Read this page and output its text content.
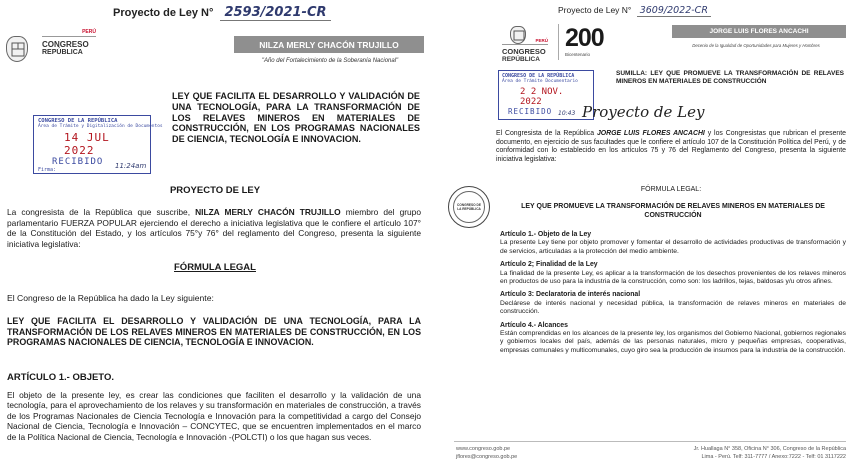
Proyecto de Ley N° 2593/2021-CR
PERÚ
CONGRESO
REPÚBLICA
NILZA MERLY CHACÓN TRUJILLO
"Año del Fortalecimiento de la Soberanía Nacional"
CONGRESO DE LA REPÚBLICA
Área de Trámite y Digitalización de Documentos
14 JUL 2022
RECIBIDO
Firma:	11:24am
LEY QUE FACILITA EL DESARROLLO Y VALIDACIÓN DE UNA TECNOLOGÍA, PARA LA TRANSFORMACIÓN DE LOS RELAVES MINEROS EN MATERIALES DE CONSTRUCCIÓN, EN LOS PROGRAMAS NACIONALES DE CIENCIA, TECNOLOGÍA E INNOVACION.
PROYECTO DE LEY
La congresista de la República que suscribe, NILZA MERLY CHACÓN TRUJILLO miembro del grupo parlamentario FUERZA POPULAR ejerciendo el derecho a iniciativa legislativa que le confiere el artículo 107° de la Constitución del Estado, y los artículos 75°y 76° del reglamento del Congreso, presenta la siguiente iniciativa legislativa:
FÓRMULA LEGAL
El Congreso de la República ha dado la Ley siguiente:
LEY QUE FACILITA EL DESARROLLO Y VALIDACIÓN DE UNA TECNOLOGÍA, PARA LA TRANSFORMACIÓN DE LOS RELAVES MINEROS EN MATERIALES DE CONSTRUCCIÓN, EN LOS PROGRAMAS NACIONALES DE CIENCIA, TECNOLOGÍA E INNOVACION.
ARTÍCULO 1.- OBJETO.
El objeto de la presente ley, es crear las condiciones que faciliten el desarrollo y la validación de una tecnología, para el aprovechamiento de los relaves y su transformación en materiales de construcción, a través de los Programas Nacionales de Ciencia Tecnología e Innovación para la competitividad a cargo del Consejo Nacional de Ciencia, Tecnología e Innovación – CONCYTEC, que se encuentren implementados en el marco de la Política Nacional de Ciencia, Tecnología e Innovación -(POLCTI) o los que hagan sus veces.
Proyecto de Ley N° 3609/2022-CR
PERÚ
CONGRESO
REPÚBLICA
200
Bicentenario
JORGE LUIS FLORES ANCACHI
Decenio de la Igualdad de Oportunidades para Mujeres y Hombres
CONGRESO DE LA REPÚBLICA
Área de Trámite Documentario
2 2 NOV. 2022
RECIBIDO 10:43
SUMILLA: LEY QUE PROMUEVE LA TRANSFORMACIÓN DE RELAVES MINEROS EN MATERIALES DE CONSTRUCCIÓN
Proyecto de Ley
El Congresista de la República JORGE LUIS FLORES ANCACHI y los Congresistas que rubrican el presente documento, en ejercicio de sus facultades que le confiere el artículo 107 de la Constitución Política del Perú, y de conformidad con lo establecido en los artículos 75 y 76 del Reglamento del Congreso, presenta la siguiente iniciativa legislativa:
FÓRMULA LEGAL:
CONGRESO DE LA REPÚBLICA	LEY QUE PROMUEVE LA TRANSFORMACIÓN DE RELAVES MINEROS EN MATERIALES DE CONSTRUCCIÓN
Artículo 1.- Objeto de la Ley
La presente Ley tiene por objeto promover y fomentar el desarrollo de actividades productivas de transformación y de servicios, articuladas a la protección del medio ambiente.
Artículo 2; Finalidad de la Ley
La finalidad de la presente Ley, es aplicar a la transformación de los desechos provenientes de los relaves mineros en productos de uso para la industria de la construcción, como son: los ladrillos, tejas, baldosas y/u otros afines.
Artículo 3: Declaratoria de interés nacional
Declárese de interés nacional y necesidad pública, la transformación de relaves mineros en materiales de construcción.
Artículo 4.- Alcances
Están comprendidas en los alcances de la presente ley, los organismos del Gobierno Nacional, gobiernos regionales y gobiernos locales del país, además de las personas naturales, micro y pequeñas empresas, cooperativas, empresas comunales y multicomunales, cuyo giro sea la producción de insumos para la industria de la construcción.
www.congreso.gob.pe
jflores@congreso.gob.pe
Jr. Huallaga N° 358, Oficina N° 306, Congreso de la República
Lima - Perú. Telf: 311-7777 / Anexo:7222 - Telf: 01 3117222
